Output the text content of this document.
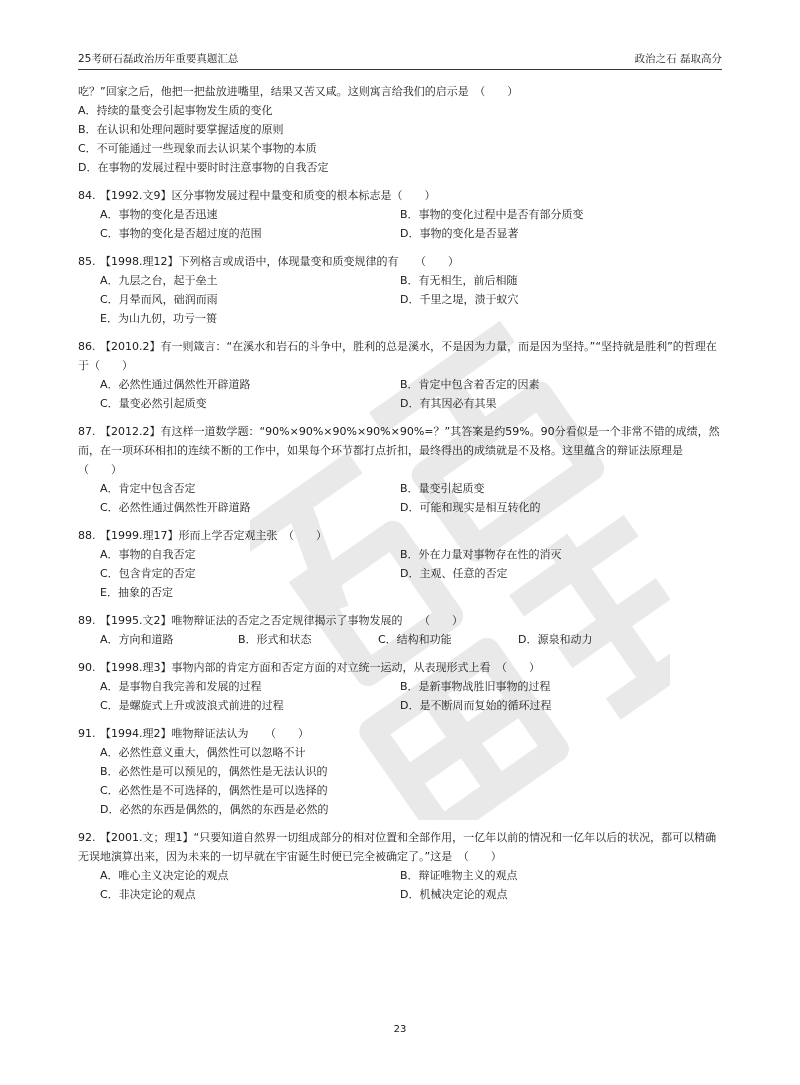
25考研石磊政治历年重要真题汇总	政治之石 磊取高分
吃？”回家之后，他把一把盐放进嘴里，结果又苦又咸。这则寓言给我们的启示是　（　　）
A．持续的量变会引起事物发生质的变化
B．在认识和处理问题时要掌握适度的原则
C．不可能通过一些现象而去认识某个事物的本质
D．在事物的发展过程中要时时注意事物的自我否定
84. 【1992.文9】区分事物发展过程中量变和质变的根本标志是（　　）
A．事物的变化是否迅速	B．事物的变化过程中是否有部分质变
C．事物的变化是否超过度的范围	D．事物的变化是否显著
85. 【1998.理12】下列格言或成语中，体现量变和质变规律的有　　（　　）
A．九层之台，起于垒土	B．有无相生，前后相随
C．月晕而风，础润而雨	D．千里之堤，溃于蚁穴
E．为山九仞，功亏一篑
86. 【2010.2】有一则箴言：“在溪水和岩石的斗争中，胜利的总是溪水，不是因为力量，而是因为坚持。”“坚持就是胜利”的哲理在于（　　）
A．必然性通过偶然性开辟道路	B．肯定中包含着否定的因素
C．量变必然引起质变	D．有其因必有其果
87. 【2012.2】有这样一道数学题：“90%×90%×90%×90%×90%=？”其答案是约59%。90分看似是一个非常不错的成绩，然而，在一项环环相扣的连续不断的工作中，如果每个环节都打点折扣，最终得出的成绩就是不及格。这里蕴含的辩证法原理是　（　　）
A．肯定中包含否定	B．量变引起质变
C．必然性通过偶然性开辟道路	D．可能和现实是相互转化的
88. 【1999.理17】形而上学否定观主张　（　　）
A．事物的自我否定	B．外在力量对事物存在性的消灭
C．包含肯定的否定	D．主观、任意的否定
E．抽象的否定
89. 【1995.文2】唯物辩证法的否定之否定规律揭示了事物发展的　　（　　）
A．方向和道路	B．形式和状态	C．结构和功能	D．源泉和动力
90. 【1998.理3】事物内部的肯定方面和否定方面的对立统一运动，从表现形式上看　（　　）
A．是事物自我完善和发展的过程	B．是新事物战胜旧事物的过程
C．是螺旋式上升或波浪式前进的过程	D．是不断周而复始的循环过程
91. 【1994.理2】唯物辩证法认为　　（　　）
A．必然性意义重大，偶然性可以忽略不计
B．必然性是可以预见的，偶然性是无法认识的
C．必然性是不可选择的，偶然性是可以选择的
D．必然的东西是偶然的，偶然的东西是必然的
92. 【2001.文；理1】“只要知道自然界一切组成部分的相对位置和全部作用，一亿年以前的情况和一亿年以后的状况，都可以精确无误地演算出来，因为未来的一切早就在宇宙诞生时便已完全被确定了。”这是　（　　）
A．唯心主义决定论的观点	B．辩证唯物主义的观点
C．非决定论的观点	D．机械决定论的观点
23
